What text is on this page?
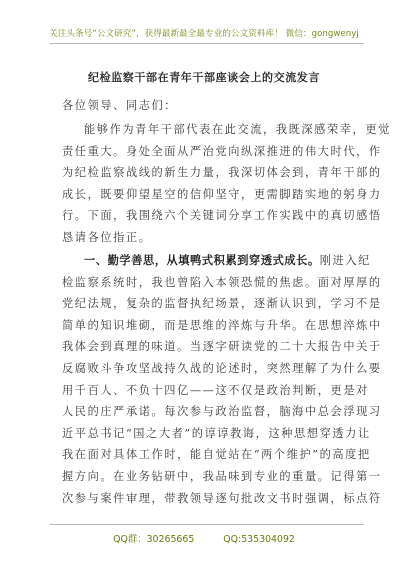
关注头条号“公文研究”，获得最新最全最专业的公文资料库！ 微信：gongwenyj
纪检监察干部在青年干部座谈会上的交流发言
各位领导、同志们：
能够作为青年干部代表在此交流，我既深感荣幸，更觉
责任重大。身处全面从严治党向纵深推进的伟大时代，作
为纪检监察战线的新生力量，我深切体会到，青年干部的
成长，既要仰望星空的信仰坚守，更需脚踏实地的躬身力
行。下面，我围绕六个关键词分享工作实践中的真切感悟
恳请各位指正。
一、勤学善思，从填鸭式积累到穿透式成长。刚进入纪
检监察系统时，我也曾陷入本领恐慌的焦虑。面对厚厚的
党纪法规，复杂的监督执纪场景，逐渐认识到，学习不是
简单的知识堆砌，而是思维的淬炼与升华。在思想淬炼中
我体会到真理的味道。当逐字研读党的二十大报告中关于
反腐败斗争攻坚战持久战的论述时，突然理解了为什么要
用千百人、不负十四亿——这不仅是政治判断，更是对
人民的庄严承诺。每次参与政治监督，脑海中总会浮现习
近平总书记“国之大者”的谆谆教诲，这种思想穿透力让
我在面对具体工作时，能自觉站在“两个维护”的高度把
握方向。在业务钻研中，我品味到专业的重量。记得第一
次参与案件审理，带教领导逐句批改文书时强调，标点符
QQ群：30265665	QQ:535304092
